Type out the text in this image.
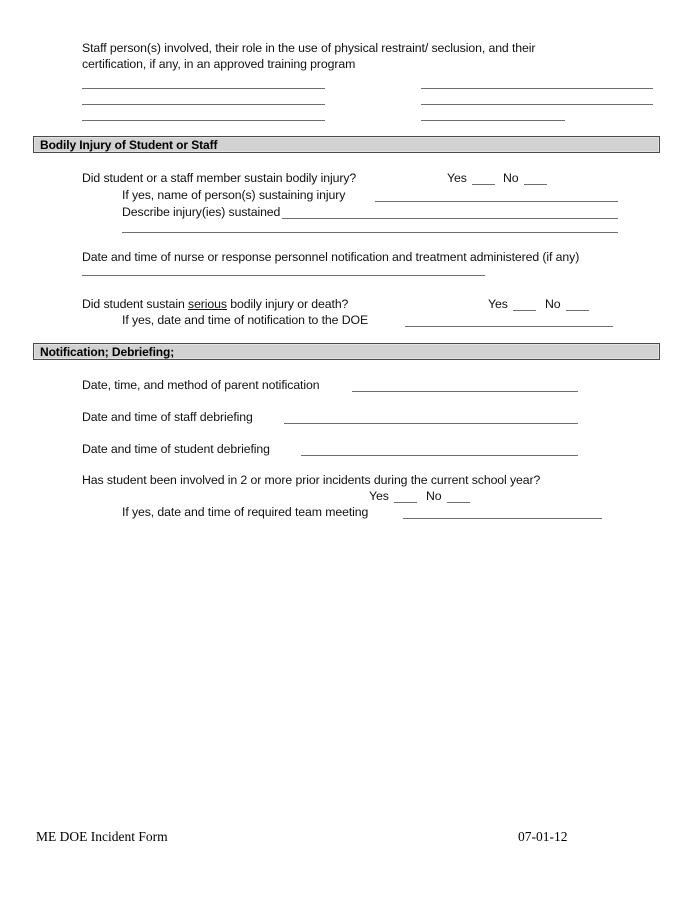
Staff person(s) involved, their role in the use of physical restraint/ seclusion, and their
certification, if any, in an approved training program
Bodily Injury of Student or Staff
Did student or a staff member sustain bodily injury?	Yes	No
If yes, name of person(s) sustaining injury
Describe injury(ies) sustained
Date and time of nurse or response personnel notification and treatment administered (if any)
Did student sustain serious bodily injury or death?	Yes	No
If yes, date and time of notification to the DOE
Notification; Debriefing;
Date, time, and method of parent notification
Date and time of staff debriefing
Date and time of student debriefing
Has student been involved in 2 or more prior incidents during the current school year?
Yes	No
If yes, date and time of required team meeting
ME DOE Incident Form	07-01-12
